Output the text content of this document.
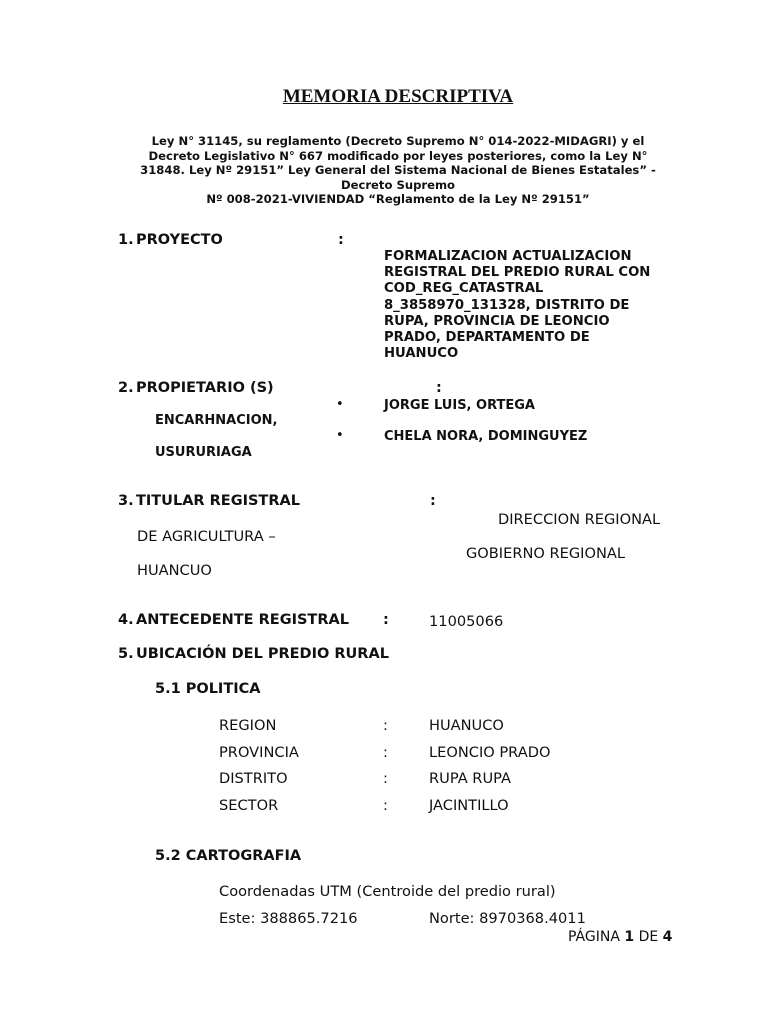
MEMORIA DESCRIPTIVA
Ley N° 31145, su reglamento (Decreto Supremo N° 014-2022-MIDAGRI) y el
Decreto Legislativo N° 667 modificado por leyes posteriores, como la Ley N°
31848. Ley Nº 29151” Ley General del Sistema Nacional de Bienes Estatales” -
Decreto Supremo
Nº 008-2021-VIVIENDAD “Reglamento de la Ley Nº 29151”
1. PROYECTO	:
FORMALIZACION ACTUALIZACION
REGISTRAL DEL PREDIO RURAL CON
COD_REG_CATASTRAL
8_3858970_131328, DISTRITO DE
RUPA, PROVINCIA DE LEONCIO
PRADO, DEPARTAMENTO DE
HUANUCO
2. PROPIETARIO (S)	:
•	JORGE LUIS, ORTEGA
ENCARHNACION,
•	CHELA NORA, DOMINGUYEZ
USURURIAGA
3. TITULAR REGISTRAL	:
DIRECCION REGIONAL
DE AGRICULTURA –
GOBIERNO REGIONAL
HUANCUO
4. ANTECEDENTE REGISTRAL :	11005066
5. UBICACIÓN DEL PREDIO RURAL
5.1 POLITICA
REGION	:	HUANUCO
PROVINCIA	:	LEONCIO PRADO
DISTRITO	:	RUPA RUPA
SECTOR	:	JACINTILLO
5.2 CARTOGRAFIA
Coordenadas UTM (Centroide del predio rural)
Este: 388865.7216	Norte: 8970368.4011
PÁGINA 1 DE 4
